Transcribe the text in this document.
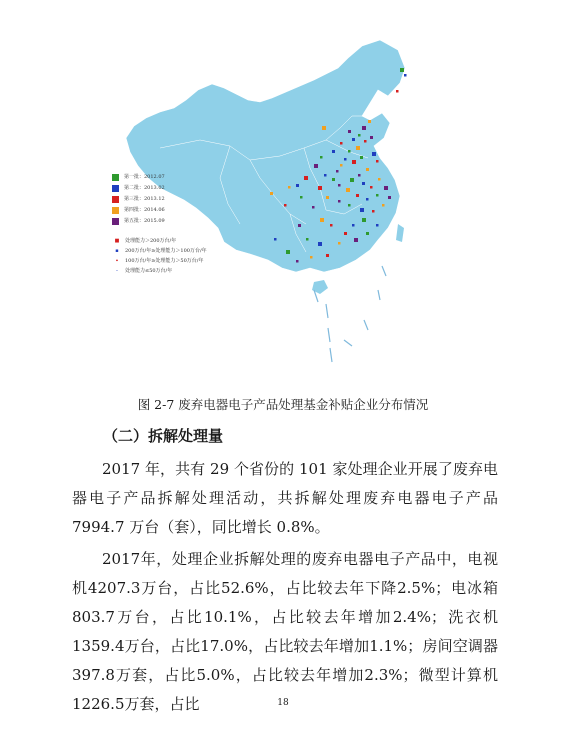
第一批：2012.07
第二批：2013.02
第三批：2013.12
第四批：2014.06
第五批：2015.09
■	处理能力＞200万台/年
▪	200万台/年≥处理能力＞100万台/年
•	100万台/年≥处理能力＞50万台/年
·	处理能力≤50万台/年
图 2-7 废弃电器电子产品处理基金补贴企业分布情况
（二）拆解处理量
2017 年，共有 29 个省份的 101 家处理企业开展了废弃电器电子产品拆解处理活动，共拆解处理废弃电器电子产品 7994.7 万台（套），同比增长 0.8%。
2017年，处理企业拆解处理的废弃电器电子产品中，电视机4207.3万台，占比52.6%，占比较去年下降2.5%；电冰箱803.7万台，占比10.1%，占比较去年增加2.4%；洗衣机1359.4万台，占比17.0%，占比较去年增加1.1%；房间空调器397.8万套，占比5.0%，占比较去年增加2.3%；微型计算机1226.5万套，占比	18
